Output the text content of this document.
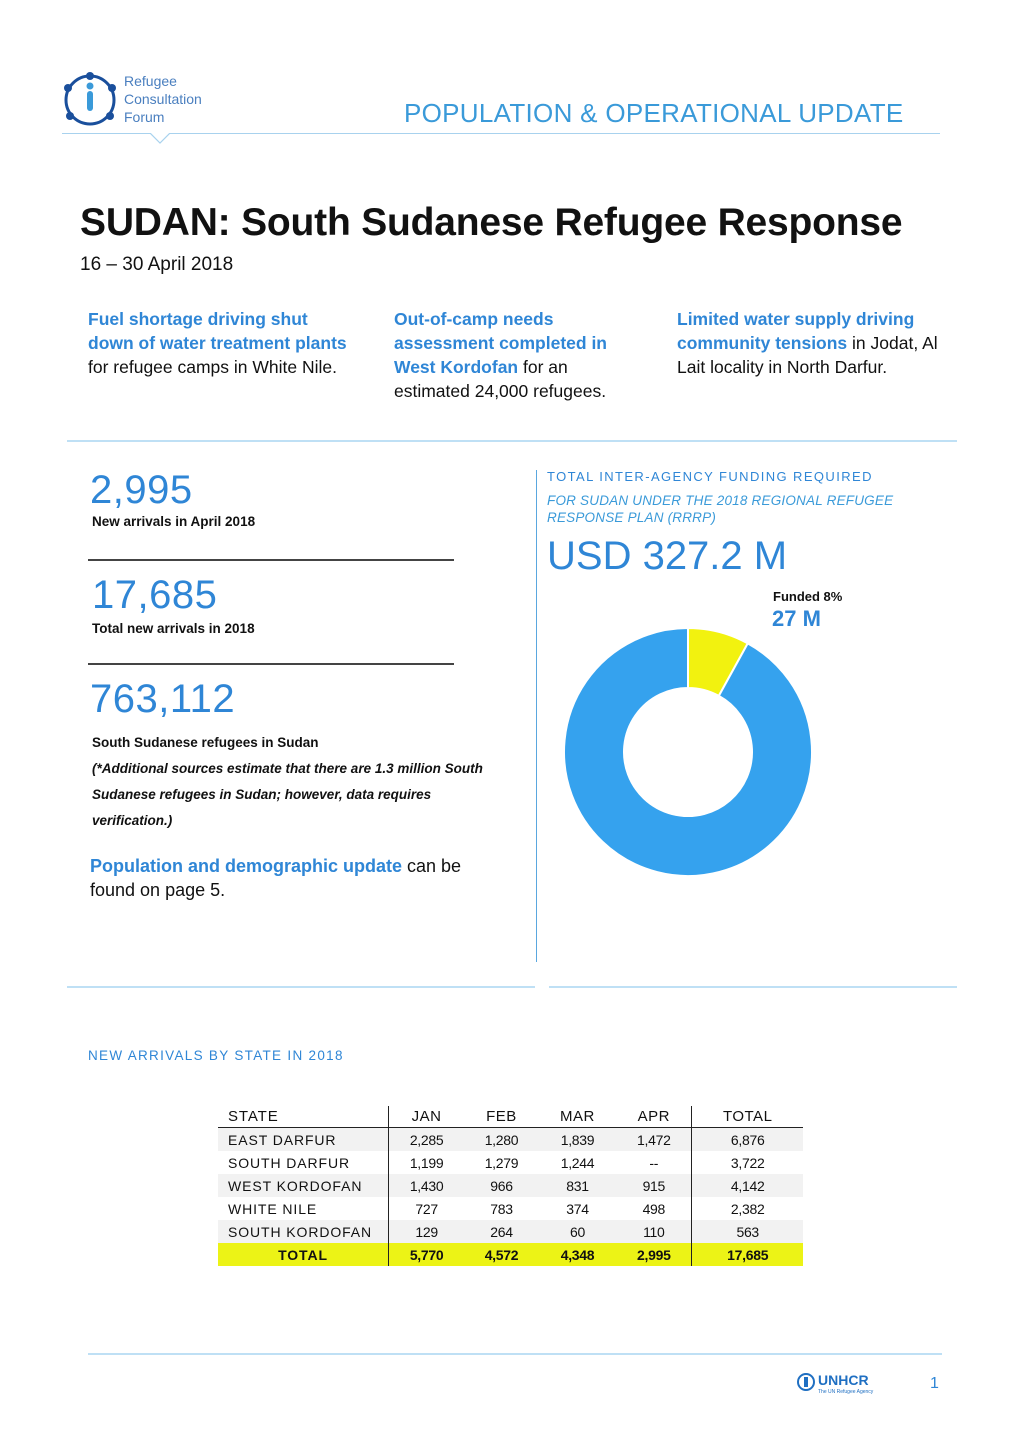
Refugee
Consultation
Forum	POPULATION & OPERATIONAL UPDATE
SUDAN: South Sudanese Refugee Response
16 – 30 April 2018
Fuel shortage driving shut down of water treatment plants for refugee camps in White Nile.
Out-of-camp needs assessment completed in West Kordofan for an estimated 24,000 refugees.
Limited water supply driving community tensions in Jodat, Al Lait locality in North Darfur.
2,995
New arrivals in April 2018
17,685
Total new arrivals in 2018
763,112
South Sudanese refugees in Sudan
(*Additional sources estimate that there are 1.3 million South Sudanese refugees in Sudan; however, data requires verification.)
Population and demographic update can be found on page 5.
TOTAL INTER-AGENCY FUNDING REQUIRED
FOR SUDAN UNDER THE 2018 REGIONAL REFUGEE RESPONSE PLAN (RRRP)
USD 327.2 M
Funded 8%
27 M
NEW ARRIVALS BY STATE IN 2018
STATE	JAN	FEB	MAR	APR	TOTAL
EAST DARFUR	2,285	1,280	1,839	1,472	6,876
SOUTH DARFUR	1,199	1,279	1,244	--	3,722
WEST KORDOFAN	1,430	966	831	915	4,142
WHITE NILE	727	783	374	498	2,382
SOUTH KORDOFAN	129	264	60	110	563
TOTAL	5,770	4,572	4,348	2,995	17,685
UNHCR
The UN Refugee Agency	1
